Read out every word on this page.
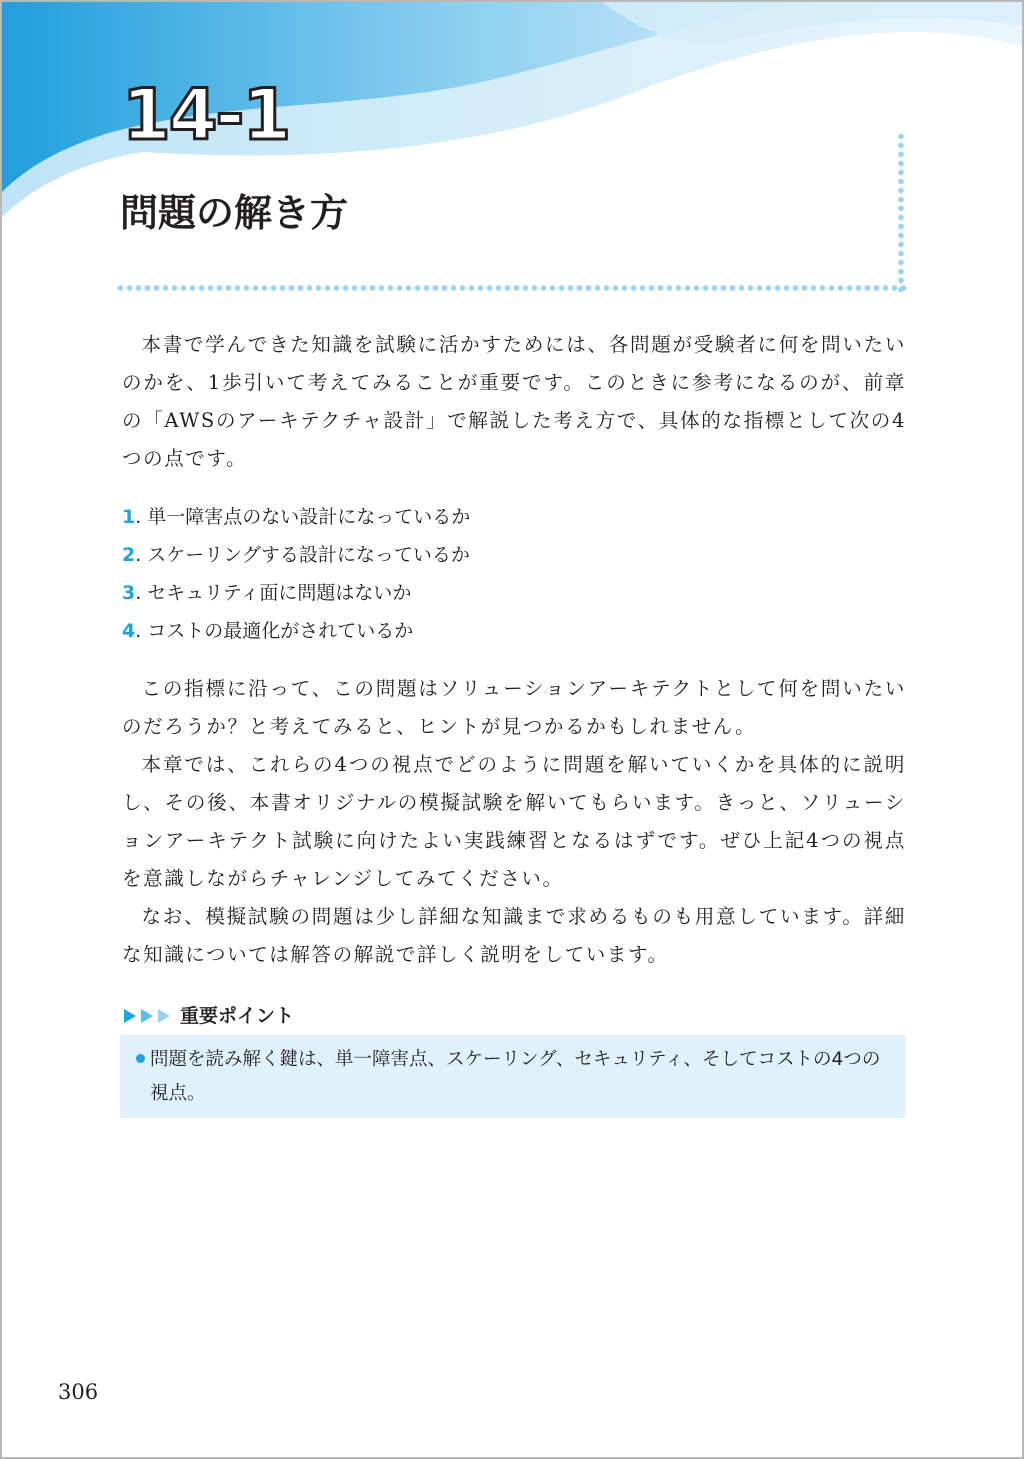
14-1
問題の解き方

本書で学んできた知識を試験に活かすためには、各問題が受験者に何を問いたいのかを、1歩引いて考えてみることが重要です。このときに参考になるのが、前章の「AWSのアーキテクチャ設計」で解説した考え方で、具体的な指標として次の4つの点です。

1. 単一障害点のない設計になっているか
2. スケーリングする設計になっているか
3. セキュリティ面に問題はないか
4. コストの最適化がされているか

この指標に沿って、この問題はソリューションアーキテクトとして何を問いたいのだろうか？と考えてみると、ヒントが見つかるかもしれません。

本章では、これらの4つの視点でどのように問題を解いていくかを具体的に説明し、その後、本書オリジナルの模擬試験を解いてもらいます。きっと、ソリューションアーキテクト試験に向けたよい実践練習となるはずです。ぜひ上記4つの視点を意識しながらチャレンジしてみてください。

なお、模擬試験の問題は少し詳細な知識まで求めるものも用意しています。詳細な知識については解答の解説で詳しく説明をしています。

重要ポイント
問題を読み解く鍵は、単一障害点、スケーリング、セキュリティ、そしてコストの4つの視点。
306
